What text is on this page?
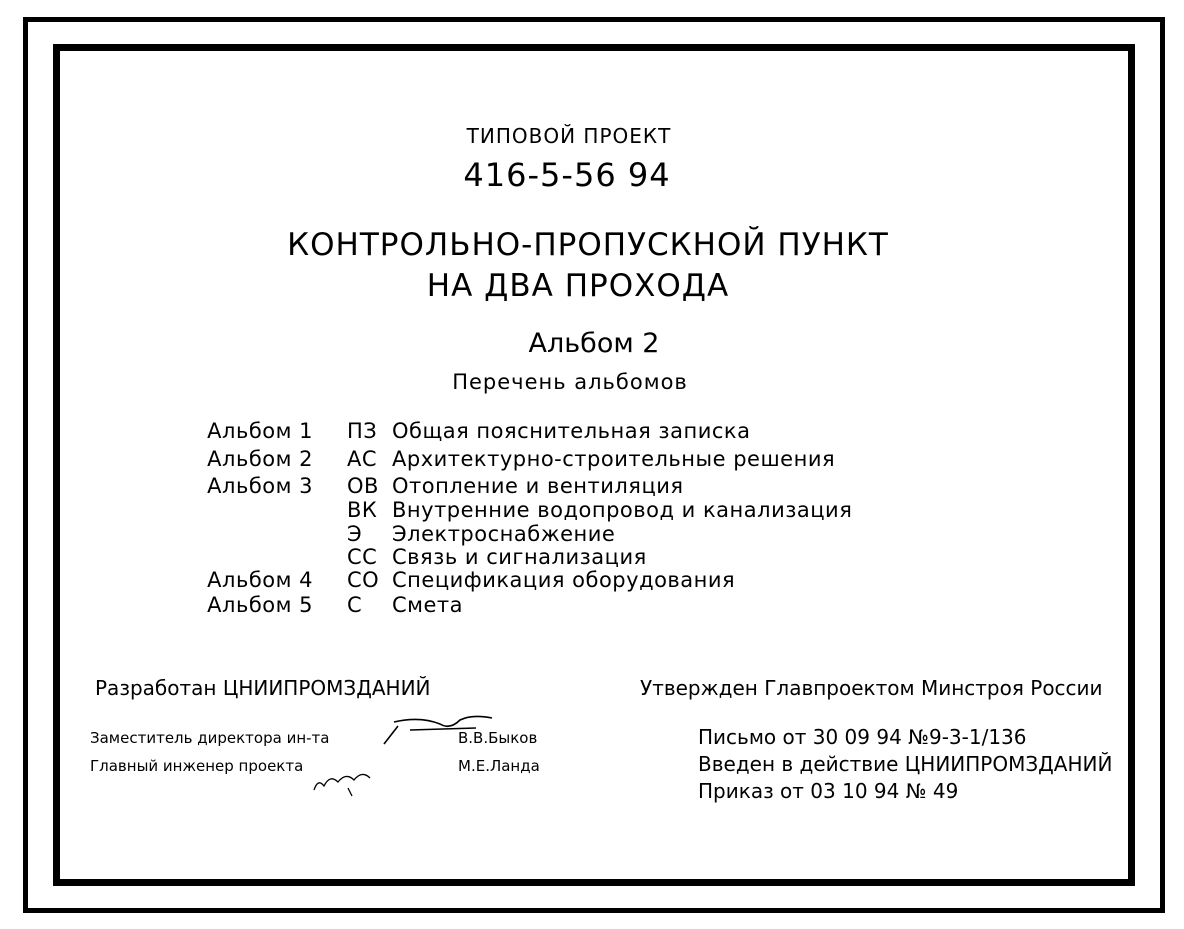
ТИПОВОЙ ПРОЕКТ
416-5-56 94
КОНТРОЛЬНО-ПРОПУСКНОЙ ПУНКТ
НА ДВА ПРОХОДА
Альбом 2
Перечень альбомов
Альбом 1 ПЗ Общая пояснительная записка
Альбом 2 АС Архитектурно-строительные решения
Альбом 3 ОВ Отопление и вентиляция
ВК Внутренние водопровод и канализация
Э	Электроснабжение
СС Связь и сигнализация
Альбом 4 СО Спецификация оборудования
Альбом 5 С	Смета
Разработан ЦНИИПРОМЗДАНИЙ
Заместитель директора ин-та	В.В.Быков
Главный инженер проекта	М.Е.Ланда
Утвержден Главпроектом Минстроя России
Письмо от 30 09 94 №9-3-1/136
Введен в действие ЦНИИПРОМЗДАНИЙ
Приказ от 03 10 94 № 49
